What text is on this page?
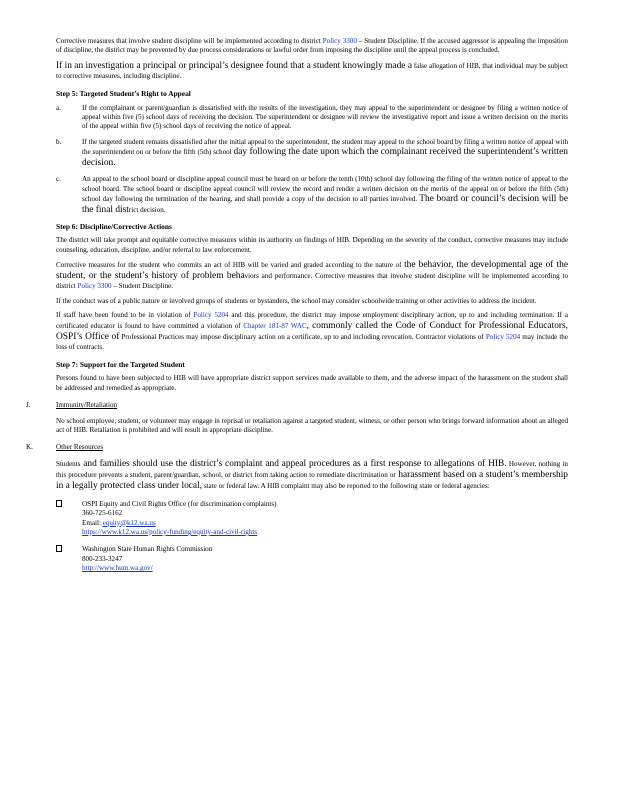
Corrective measures that involve student discipline will be implemented according to district Policy 3300 – Student Discipline. If the accused aggressor is appealing the imposition of discipline, the district may be prevented by due process considerations or lawful order from imposing the discipline until the appeal process is concluded.

If in an investigation a principal or principal’s designee found that a student knowingly made a false allegation of HIB, that individual may be subject to corrective measures, including discipline.

Step 5: Targeted Student’s Right to Appeal

a.	If the complainant or parent/guardian is dissatisfied with the results of the investigation, they may appeal to the superintendent or designee by filing a written notice of appeal within five (5) school days of receiving the decision. The superintendent or designee will review the investigative report and issue a written decision on the merits of the appeal within five (5) school days of receiving the notice of appeal.

b.	If the targeted student remains dissatisfied after the initial appeal to the superintendent, the student may appeal to the school board by filing a written notice of appeal with the superintendent on or before the fifth (5th) school day following the date upon which the complainant received the superintendent’s written decision.

c.	An appeal to the school board or discipline appeal council must be heard on or before the tenth (10th) school day following the filing of the written notice of appeal to the school board. The school board or discipline appeal council will review the record and render a written decision on the merits of the appeal on or before the fifth (5th) school day following the termination of the hearing, and shall provide a copy of the decision to all parties involved. The board or council’s decision will be the final district decision.

Step 6: Discipline/Corrective Actions

The district will take prompt and equitable corrective measures within its authority on findings of HIB. Depending on the severity of the conduct, corrective measures may include counseling, education, discipline, and/or referral to law enforcement.

Corrective measures for the student who commits an act of HIB will be varied and graded according to the nature of the behavior, the developmental age of the student, or the student’s history of problem behaviors and performance. Corrective measures that involve student discipline will be implemented according to district Policy 3300 – Student Discipline.

If the conduct was of a public nature or involved groups of students or bystanders, the school may consider schoolwide training or other activities to address the incident.

If staff have been found to be in violation of Policy 5204 and this procedure, the district may impose employment disciplinary action, up to and including termination. If a certificated educator is found to have committed a violation of Chapter 181-87 WAC, commonly called the Code of Conduct for Professional Educators, OSPI’s Office of Professional Practices may impose disciplinary action on a certificate, up to and including revocation. Contractor violations of Policy 5204 may include the loss of contracts.

Step 7: Support for the Targeted Student

Persons found to have been subjected to HIB will have appropriate district support services made available to them, and the adverse impact of the harassment on the student shall be addressed and remedied as appropriate.

J.	Immunity/Retaliation

No school employee, student, or volunteer may engage in reprisal or retaliation against a targeted student, witness, or other person who brings forward information about an alleged act of HIB. Retaliation is prohibited and will result in appropriate discipline.

K.	Other Resources

Students and families should use the district’s complaint and appeal procedures as a first response to allegations of HIB. However, nothing in this procedure prevents a student, parent/guardian, school, or district from taking action to remediate discrimination or harassment based on a student’s membership in a legally protected class under local, state or federal law. A HIB complaint may also be reported to the following state or federal agencies:

OSPI Equity and Civil Rights Office (for discrimination complaints)
360-725-6162
Email: equity@k12.wa.us
https://www.k12.wa.us/policy-funding/equity-and-civil-rights
Washington State Human Rights Commission
800-233-3247
http://www.hum.wa.gov/
